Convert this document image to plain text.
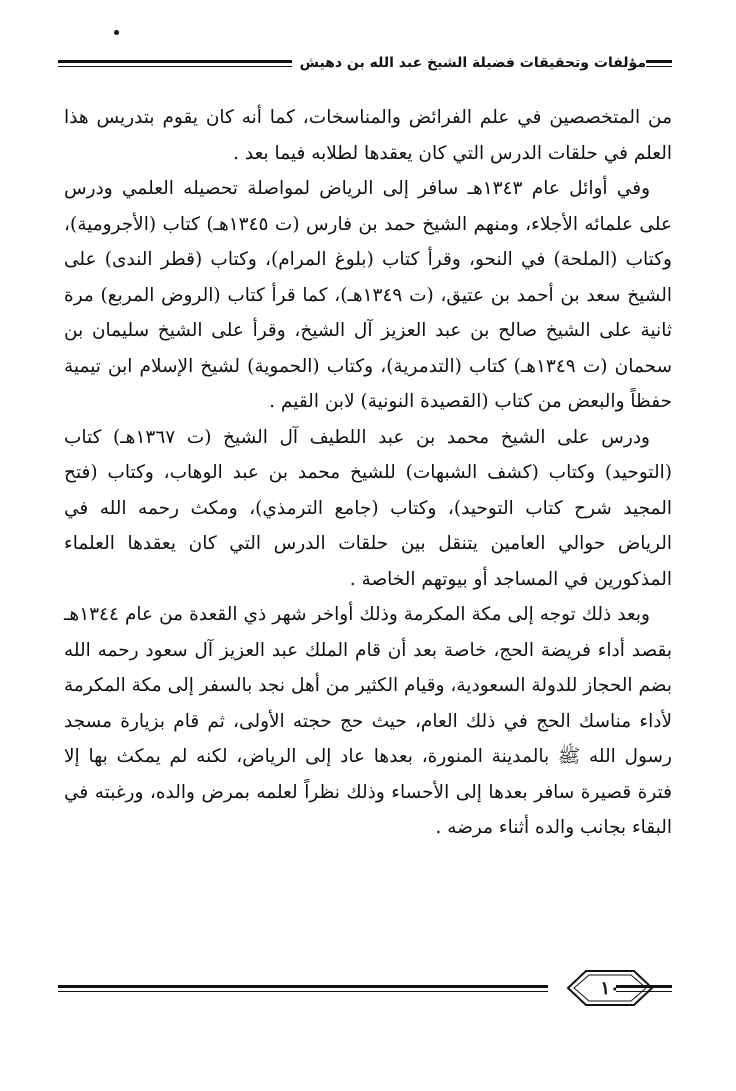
مؤلفات وتحقيقات فضيلة الشيخ عبد الله بن دهيش

من المتخصصين في علم الفرائض والمناسخات، كما أنه كان يقوم بتدريس هذا العلم في حلقات الدرس التي كان يعقدها لطلابه فيما بعد .

وفي أوائل عام ١٣٤٣هـ سافر إلى الرياض لمواصلة تحصيله العلمي ودرس على علمائه الأجلاء، ومنهم الشيخ حمد بن فارس (ت ١٣٤٥هـ) كتاب (الأجرومية)، وكتاب (الملحة) في النحو، وقرأ كتاب (بلوغ المرام)، وكتاب (قطر الندى) على الشيخ سعد بن أحمد بن عتيق، (ت ١٣٤٩هـ)، كما قرأ كتاب (الروض المربع) مرة ثانية على الشيخ صالح بن عبد العزيز آل الشيخ، وقرأ على الشيخ سليمان بن سحمان (ت ١٣٤٩هـ) كتاب (التدمرية)، وكتاب (الحموية) لشيخ الإسلام ابن تيمية حفظاً والبعض من كتاب (القصيدة النونية) لابن القيم .

ودرس على الشيخ محمد بن عبد اللطيف آل الشيخ (ت ١٣٦٧هـ) كتاب (التوحيد) وكتاب (كشف الشبهات) للشيخ محمد بن عبد الوهاب، وكتاب (فتح المجيد شرح كتاب التوحيد)، وكتاب (جامع الترمذي)، ومكث رحمه الله في الرياض حوالي العامين يتنقل بين حلقات الدرس التي كان يعقدها العلماء المذكورين في المساجد أو بيوتهم الخاصة .

وبعد ذلك توجه إلى مكة المكرمة وذلك أواخر شهر ذي القعدة من عام ١٣٤٤هـ بقصد أداء فريضة الحج، خاصة بعد أن قام الملك عبد العزيز آل سعود رحمه الله بضم الحجاز للدولة السعودية، وقيام الكثير من أهل نجد بالسفر إلى مكة المكرمة لأداء مناسك الحج في ذلك العام، حيث حج حجته الأولى، ثم قام بزيارة مسجد رسول الله ﷺ بالمدينة المنورة، بعدها عاد إلى الرياض، لكنه لم يمكث بها إلا فترة قصيرة سافر بعدها إلى الأحساء وذلك نظراً لعلمه بمرض والده، ورغبته في البقاء بجانب والده أثناء مرضه .

١٠
